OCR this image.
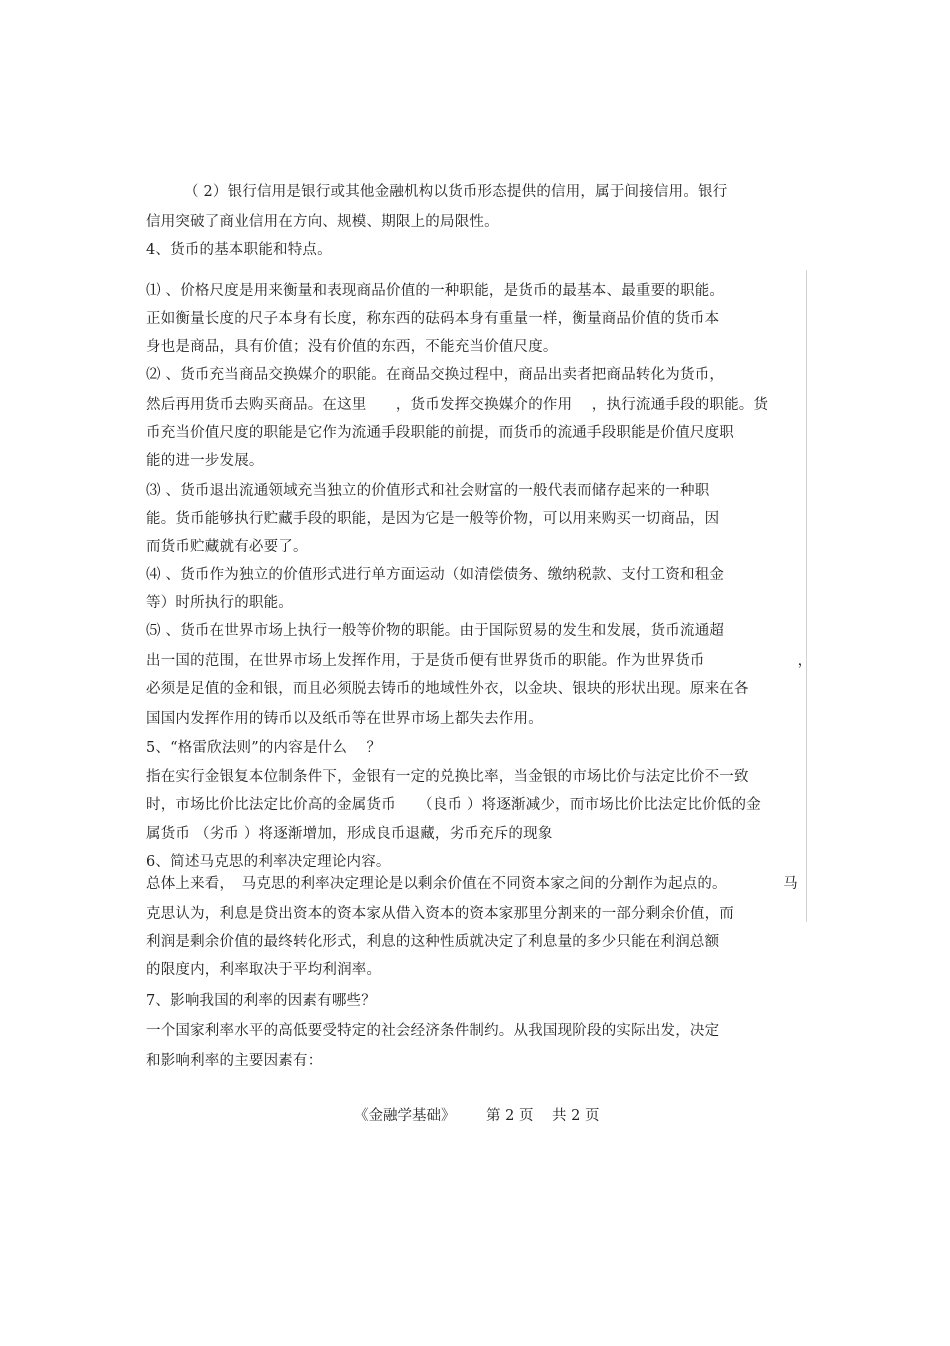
（ 2）银行信用是银行或其他金融机构以货币形态提供的信用，属于间接信用。银行
信用突破了商业信用在方向、规模、期限上的局限性。
4、货币的基本职能和特点。
⑴ 、价格尺度是用来衡量和表现商品价值的一种职能，是货币的最基本、最重要的职能。
正如衡量长度的尺子本身有长度，称东西的砝码本身有重量一样，衡量商品价值的货币本
身也是商品，具有价值；没有价值的东西，不能充当价值尺度。
⑵ 、货币充当商品交换媒介的职能。在商品交换过程中，商品出卖者把商品转化为货币，
然后再用货币去购买商品。在这里　　，货币发挥交换媒介的作用　 ，执行流通手段的职能。货
币充当价值尺度的职能是它作为流通手段职能的前提，而货币的流通手段职能是价值尺度职
能的进一步发展。
⑶ 、货币退出流通领域充当独立的价值形式和社会财富的一般代表而储存起来的一种职
能。货币能够执行贮藏手段的职能，是因为它是一般等价物，可以用来购买一切商品，因
而货币贮藏就有必要了。
⑷ 、货币作为独立的价值形式进行单方面运动（如清偿债务、缴纳税款、支付工资和租金
等）时所执行的职能。
⑸ 、货币在世界市场上执行一般等价物的职能。由于国际贸易的发生和发展，货币流通超
出一国的范围，在世界市场上发挥作用，于是货币便有世界货币的职能。作为世界货币　　　　　　 ，
必须是足值的金和银，而且必须脱去铸币的地域性外衣，以金块、银块的形状出现。原来在各
国国内发挥作用的铸币以及纸币等在世界市场上都失去作用。
5、“格雷欣法则”的内容是什么　 ？
指在实行金银复本位制条件下，金银有一定的兑换比率，当金银的市场比价与法定比价不一致
时，市场比价比法定比价高的金属货币　　（良币 ）将逐渐减少，而市场比价比法定比价低的金
属货币 （劣币 ）将逐渐增加，形成良币退藏，劣币充斥的现象
6、简述马克思的利率决定理论内容。
总体上来看，　马克思的利率决定理论是以剩余价值在不同资本家之间的分割作为起点的。　　　　 马
克思认为，利息是贷出资本的资本家从借入资本的资本家那里分割来的一部分剩余价值，而
利润是剩余价值的最终转化形式，利息的这种性质就决定了利息量的多少只能在利润总额
的限度内，利率取决于平均利润率。
7、影响我国的利率的因素有哪些？
一个国家利率水平的高低要受特定的社会经济条件制约。从我国现阶段的实际出发，决定
和影响利率的主要因素有：
《金融学基础》 第 2 页 共 2 页
